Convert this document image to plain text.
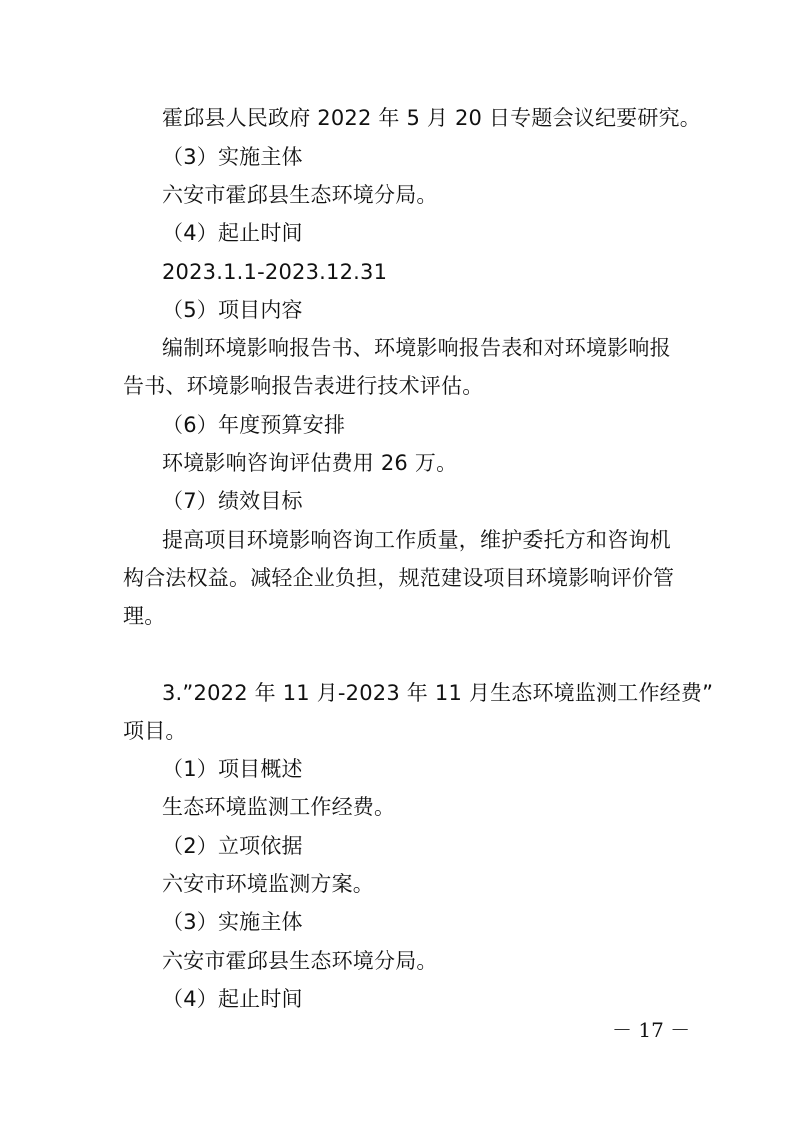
霍邱县人民政府 2022 年 5 月 20 日专题会议纪要研究。
（3）实施主体
六安市霍邱县生态环境分局。
（4）起止时间
2023.1.1-2023.12.31
（5）项目内容
编制环境影响报告书、环境影响报告表和对环境影响报
告书、环境影响报告表进行技术评估。
（6）年度预算安排
环境影响咨询评估费用 26 万。
（7）绩效目标
提高项目环境影响咨询工作质量，维护委托方和咨询机
构合法权益。减轻企业负担，规范建设项目环境影响评价管
理。
3.”2022 年 11 月-2023 年 11 月生态环境监测工作经费”
项目。
（1）项目概述
生态环境监测工作经费。
（2）立项依据
六安市环境监测方案。
（3）实施主体
六安市霍邱县生态环境分局。
（4）起止时间
－ 17 －
